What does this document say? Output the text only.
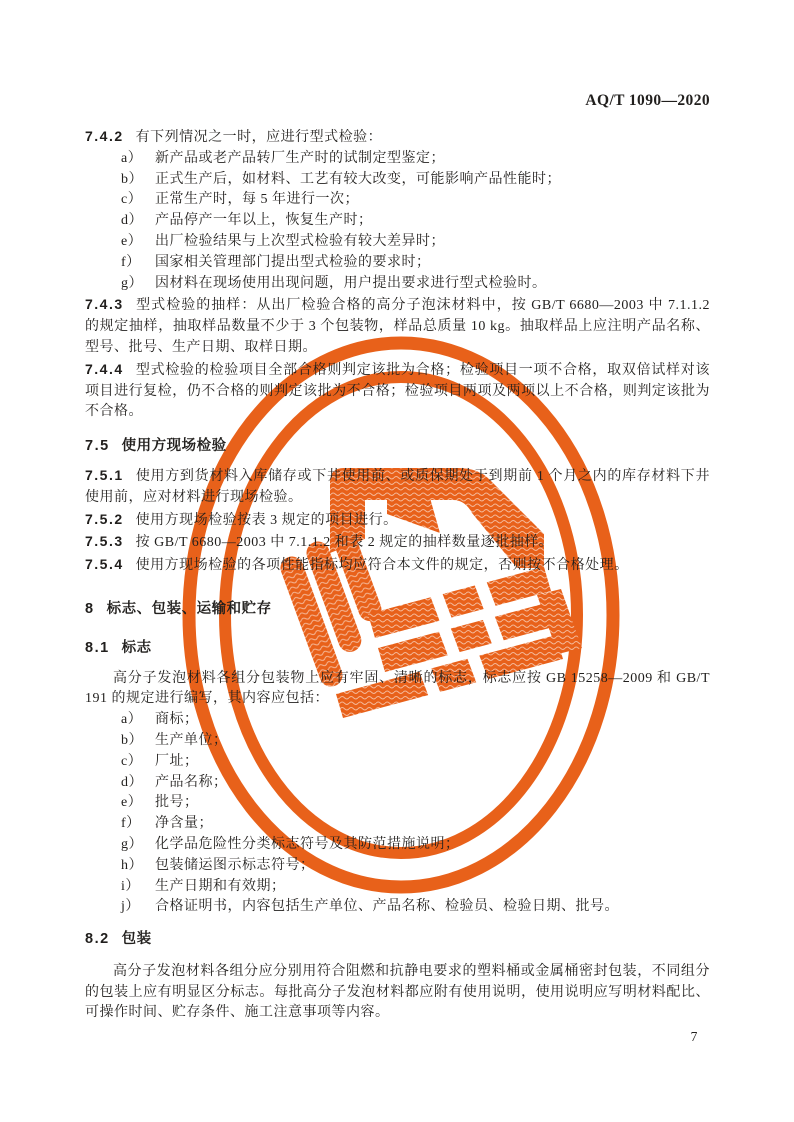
AQ/T 1090—2020
7.4.2 有下列情况之一时，应进行型式检验：
a） 新产品或老产品转厂生产时的试制定型鉴定；
b） 正式生产后，如材料、工艺有较大改变，可能影响产品性能时；
c） 正常生产时，每 5 年进行一次；
d） 产品停产一年以上，恢复生产时；
e） 出厂检验结果与上次型式检验有较大差异时；
f） 国家相关管理部门提出型式检验的要求时；
g） 因材料在现场使用出现问题，用户提出要求进行型式检验时。
7.4.3 型式检验的抽样：从出厂检验合格的高分子泡沫材料中，按 GB/T 6680—2003 中 7.1.1.2 的规定抽样，抽取样品数量不少于 3 个包装物，样品总质量 10 kg。抽取样品上应注明产品名称、型号、批号、生产日期、取样日期。
7.4.4 型式检验的检验项目全部合格则判定该批为合格；检验项目一项不合格，取双倍试样对该项目进行复检，仍不合格的则判定该批为不合格；检验项目两项及两项以上不合格，则判定该批为不合格。
7.5 使用方现场检验
7.5.1 使用方到货材料入库储存或下井使用前、或质保期处于到期前 1 个月之内的库存材料下井使用前，应对材料进行现场检验。
7.5.2 使用方现场检验按表 3 规定的项目进行。
7.5.3 按 GB/T 6680—2003 中 7.1.1.2 和表 2 规定的抽样数量逐批抽样。
7.5.4 使用方现场检验的各项性能指标均应符合本文件的规定，否则按不合格处理。
8 标志、包装、运输和贮存
8.1 标志
高分子发泡材料各组分包装物上应有牢固、清晰的标志，标志应按 GB 15258—2009 和 GB/T 191 的规定进行编写，其内容应包括：
a） 商标；
b） 生产单位；
c） 厂址；
d） 产品名称；
e） 批号；
f） 净含量；
g） 化学品危险性分类标志符号及其防范措施说明；
h） 包装储运图示标志符号；
i） 生产日期和有效期；
j） 合格证明书，内容包括生产单位、产品名称、检验员、检验日期、批号。
8.2 包装
高分子发泡材料各组分应分别用符合阻燃和抗静电要求的塑料桶或金属桶密封包装，不同组分的包装上应有明显区分标志。每批高分子发泡材料都应附有使用说明，使用说明应写明材料配比、可操作时间、贮存条件、施工注意事项等内容。
7
